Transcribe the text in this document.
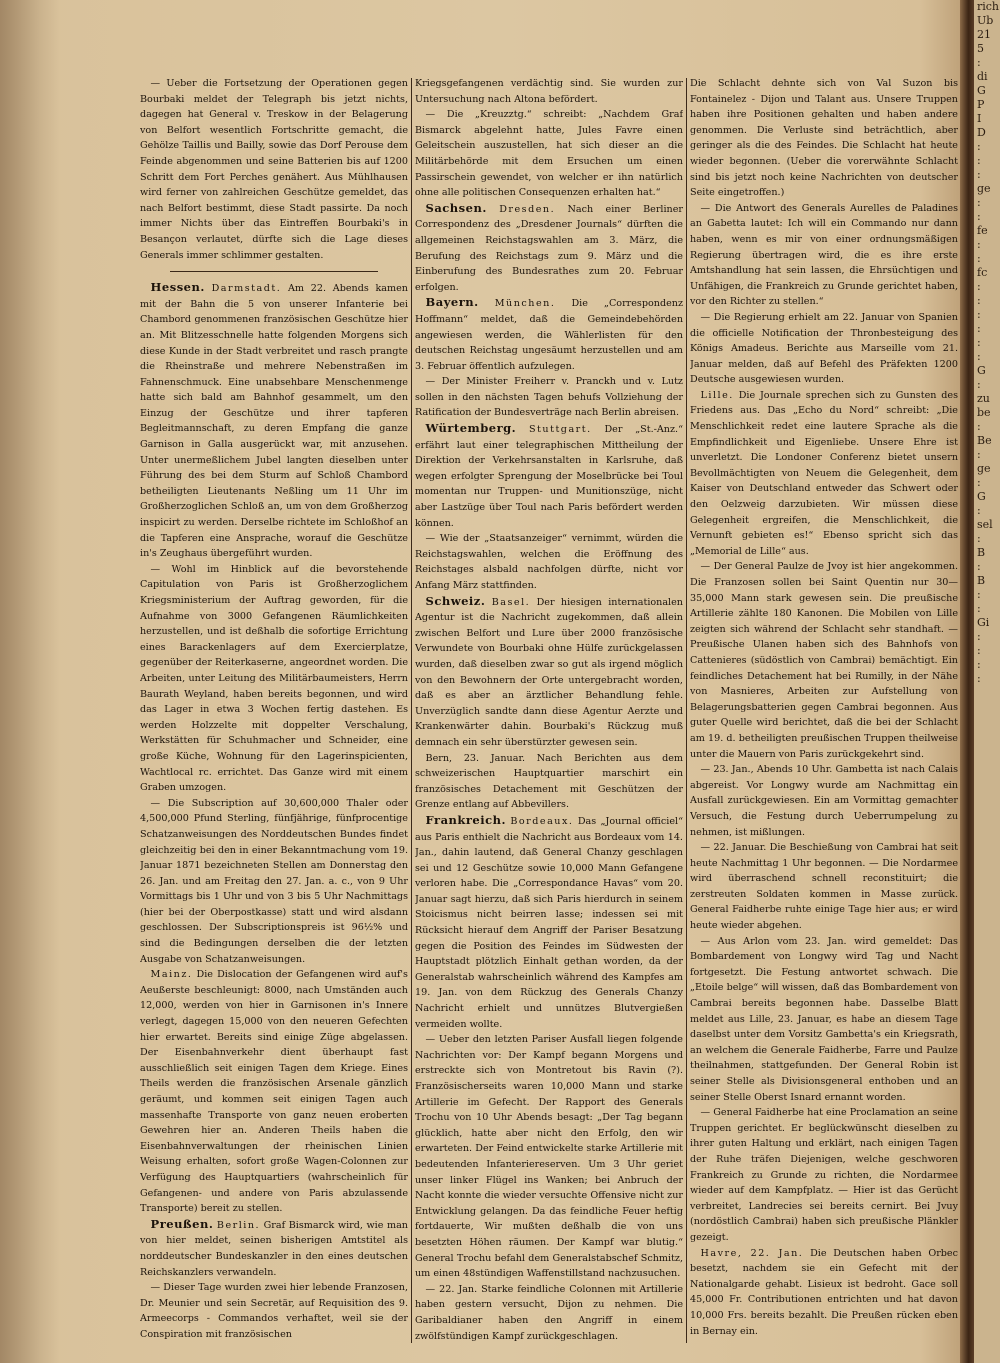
rich
Ub
21
5
:
di
G
P
I
D
:
:
:
ge
:
:
fe
:
:
fc
:
:
:
:
:
:
G
:
zu
be
:
Be
:
ge
:
G
:
sel
:
B
:
B
:
:
Gi
:
:
:
:

— Ueber die Fortsetzung der Operationen gegen Bourbaki meldet der Telegraph bis jetzt nichts, dagegen hat General v. Treskow in der Belagerung von Belfort wesentlich Fortschritte gemacht, die Gehölze Taillis und Bailly, sowie das Dorf Perouse dem Feinde abgenommen und seine Batterien bis auf 1200 Schritt dem Fort Perches genähert. Aus Mühlhausen wird ferner von zahlreichen Geschütze gemeldet, das nach Belfort bestimmt, diese Stadt passirte. Da noch immer Nichts über das Eintreffen Bourbaki's in Besançon verlautet, dürfte sich die Lage dieses Generals immer schlimmer gestalten.

Hessen. Darmstadt. Am 22. Abends kamen mit der Bahn die 5 von unserer Infanterie bei Chambord genommenen französischen Geschütze hier an. Mit Blitzesschnelle hatte folgenden Morgens sich diese Kunde in der Stadt verbreitet und rasch prangte die Rheinstraße und mehrere Nebenstraßen im Fahnenschmuck. Eine unabsehbare Menschenmenge hatte sich bald am Bahnhof gesammelt, um den Einzug der Geschütze und ihrer tapferen Begleitmannschaft, zu deren Empfang die ganze Garnison in Galla ausgerückt war, mit anzusehen. Unter unermeßlichem Jubel langten dieselben unter Führung des bei dem Sturm auf Schloß Chambord betheiligten Lieutenants Neßling um 11 Uhr im Großherzoglichen Schloß an, um von dem Großherzog inspicirt zu werden. Derselbe richtete im Schloßhof an die Tapferen eine Ansprache, worauf die Geschütze in's Zeughaus übergeführt wurden.

— Wohl im Hinblick auf die bevorstehende Capitulation von Paris ist Großherzoglichem Kriegsministerium der Auftrag geworden, für die Aufnahme von 3000 Gefangenen Räumlichkeiten herzustellen, und ist deßhalb die sofortige Errichtung eines Barackenlagers auf dem Exercierplatze, gegenüber der Reiterkaserne, angeordnet worden. Die Arbeiten, unter Leitung des Militärbaumeisters, Herrn Baurath Weyland, haben bereits begonnen, und wird das Lager in etwa 3 Wochen fertig dastehen. Es werden Holzzelte mit doppelter Verschalung, Werkstätten für Schuhmacher und Schneider, eine große Küche, Wohnung für den Lagerinspicienten, Wachtlocal rc. errichtet. Das Ganze wird mit einem Graben umzogen.

— Die Subscription auf 30,600,000 Thaler oder 4,500,000 Pfund Sterling, fünfjährige, fünfprocentige Schatzanweisungen des Norddeutschen Bundes findet gleichzeitig bei den in einer Bekanntmachung vom 19. Januar 1871 bezeichneten Stellen am Donnerstag den 26. Jan. und am Freitag den 27. Jan. a. c., von 9 Uhr Vormittags bis 1 Uhr und von 3 bis 5 Uhr Nachmittags (hier bei der Oberpostkasse) statt und wird alsdann geschlossen. Der Subscriptionspreis ist 96½% und sind die Bedingungen derselben die der letzten Ausgabe von Schatzanweisungen.

Mainz. Die Dislocation der Gefangenen wird auf's Aeußerste beschleunigt: 8000, nach Umständen auch 12,000, werden von hier in Garnisonen in's Innere verlegt, dagegen 15,000 von den neueren Gefechten hier erwartet. Bereits sind einige Züge abgelassen. Der Eisenbahnverkehr dient überhaupt fast ausschließlich seit einigen Tagen dem Kriege. Eines Theils werden die französischen Arsenale gänzlich geräumt, und kommen seit einigen Tagen auch massenhafte Transporte von ganz neuen eroberten Gewehren hier an. Anderen Theils haben die Eisenbahnverwaltungen der rheinischen Linien Weisung erhalten, sofort große Wagen-Colonnen zur Verfügung des Hauptquartiers (wahrscheinlich für Gefangenen- und andere von Paris abzulassende Transporte) bereit zu stellen.

Preußen. Berlin. Graf Bismarck wird, wie man von hier meldet, seinen bisherigen Amtstitel als norddeutscher Bundeskanzler in den eines deutschen Reichskanzlers verwandeln.

— Dieser Tage wurden zwei hier lebende Franzosen, Dr. Meunier und sein Secretär, auf Requisition des 9. Armeecorps - Commandos verhaftet, weil sie der Conspiration mit französischen

Kriegsgefangenen verdächtig sind. Sie wurden zur Untersuchung nach Altona befördert.

— Die „Kreuzztg.“ schreibt: „Nachdem Graf Bismarck abgelehnt hatte, Jules Favre einen Geleitschein auszustellen, hat sich dieser an die Militärbehörde mit dem Ersuchen um einen Passirschein gewendet, von welcher er ihn natürlich ohne alle politischen Consequenzen erhalten hat.“

Sachsen. Dresden. Nach einer Berliner Correspondenz des „Dresdener Journals“ dürften die allgemeinen Reichstagswahlen am 3. März, die Berufung des Reichstags zum 9. März und die Einberufung des Bundesrathes zum 20. Februar erfolgen.

Bayern. München. Die „Correspondenz Hoffmann“ meldet, daß die Gemeindebehörden angewiesen werden, die Wählerlisten für den deutschen Reichstag ungesäumt herzustellen und am 3. Februar öffentlich aufzulegen.

— Der Minister Freiherr v. Pranckh und v. Lutz sollen in den nächsten Tagen behufs Vollziehung der Ratification der Bundesverträge nach Berlin abreisen.

Würtemberg. Stuttgart. Der „St.-Anz.“ erfährt laut einer telegraphischen Mittheilung der Direktion der Verkehrsanstalten in Karlsruhe, daß wegen erfolgter Sprengung der Moselbrücke bei Toul momentan nur Truppen- und Munitionszüge, nicht aber Lastzüge über Toul nach Paris befördert werden können.

— Wie der „Staatsanzeiger“ vernimmt, würden die Reichstagswahlen, welchen die Eröffnung des Reichstages alsbald nachfolgen dürfte, nicht vor Anfang März stattfinden.

Schweiz. Basel. Der hiesigen internationalen Agentur ist die Nachricht zugekommen, daß allein zwischen Belfort und Lure über 2000 französische Verwundete von Bourbaki ohne Hülfe zurückgelassen wurden, daß dieselben zwar so gut als irgend möglich von den Bewohnern der Orte untergebracht worden, daß es aber an ärztlicher Behandlung fehle. Unverzüglich sandte dann diese Agentur Aerzte und Krankenwärter dahin. Bourbaki's Rückzug muß demnach ein sehr überstürzter gewesen sein.

Bern, 23. Januar. Nach Berichten aus dem schweizerischen Hauptquartier marschirt ein französisches Detachement mit Geschützen der Grenze entlang auf Abbevillers.

Frankreich. Bordeaux. Das „Journal officiel“ aus Paris enthielt die Nachricht aus Bordeaux vom 14. Jan., dahin lautend, daß General Chanzy geschlagen sei und 12 Geschütze sowie 10,000 Mann Gefangene verloren habe. Die „Correspondance Havas“ vom 20. Januar sagt hierzu, daß sich Paris hierdurch in seinem Stoicismus nicht beirren lasse; indessen sei mit Rücksicht hierauf dem Angriff der Pariser Besatzung gegen die Position des Feindes im Südwesten der Hauptstadt plötzlich Einhalt gethan worden, da der Generalstab wahrscheinlich während des Kampfes am 19. Jan. von dem Rückzug des Generals Chanzy Nachricht erhielt und unnützes Blutvergießen vermeiden wollte.

— Ueber den letzten Pariser Ausfall liegen folgende Nachrichten vor: Der Kampf begann Morgens und erstreckte sich von Montretout bis Ravin (?). Französischerseits waren 10,000 Mann und starke Artillerie im Gefecht. Der Rapport des Generals Trochu von 10 Uhr Abends besagt: „Der Tag begann glücklich, hatte aber nicht den Erfolg, den wir erwarteten. Der Feind entwickelte starke Artillerie mit bedeutenden Infanteriereserven. Um 3 Uhr geriet unser linker Flügel ins Wanken; bei Anbruch der Nacht konnte die wieder versuchte Offensive nicht zur Entwicklung gelangen. Da das feindliche Feuer heftig fortdauerte, Wir mußten deßhalb die von uns besetzten Höhen räumen. Der Kampf war blutig.“ General Trochu befahl dem Generalstabschef Schmitz, um einen 48stündigen Waffenstillstand nachzusuchen.

— 22. Jan. Starke feindliche Colonnen mit Artillerie haben gestern versucht, Dijon zu nehmen. Die Garibaldianer haben den Angriff in einem zwölfstündigen Kampf zurückgeschlagen.

Die Schlacht dehnte sich von Val Suzon bis Fontainelez - Dijon und Talant aus. Unsere Truppen haben ihre Positionen gehalten und haben andere genommen. Die Verluste sind beträchtlich, aber geringer als die des Feindes. Die Schlacht hat heute wieder begonnen. (Ueber die vorerwähnte Schlacht sind bis jetzt noch keine Nachrichten von deutscher Seite eingetroffen.)

— Die Antwort des Generals Aurelles de Paladines an Gabetta lautet: Ich will ein Commando nur dann haben, wenn es mir von einer ordnungsmäßigen Regierung übertragen wird, die es ihre erste Amtshandlung hat sein lassen, die Ehrsüchtigen und Unfähigen, die Frankreich zu Grunde gerichtet haben, vor den Richter zu stellen.“

— Die Regierung erhielt am 22. Januar von Spanien die officielle Notification der Thronbesteigung des Königs Amadeus. Berichte aus Marseille vom 21. Januar melden, daß auf Befehl des Präfekten 1200 Deutsche ausgewiesen wurden.

Lille. Die Journale sprechen sich zu Gunsten des Friedens aus. Das „Echo du Nord“ schreibt: „Die Menschlichkeit redet eine lautere Sprache als die Empfindlichkeit und Eigenliebe. Unsere Ehre ist unverletzt. Die Londoner Conferenz bietet unsern Bevollmächtigten von Neuem die Gelegenheit, dem Kaiser von Deutschland entweder das Schwert oder den Oelzweig darzubieten. Wir müssen diese Gelegenheit ergreifen, die Menschlichkeit, die Vernunft gebieten es!“ Ebenso spricht sich das „Memorial de Lille“ aus.

— Der General Paulze de Jvoy ist hier angekommen. Die Franzosen sollen bei Saint Quentin nur 30—35,000 Mann stark gewesen sein. Die preußische Artillerie zählte 180 Kanonen. Die Mobilen von Lille zeigten sich während der Schlacht sehr standhaft. — Preußische Ulanen haben sich des Bahnhofs von Cattenieres (südöstlich von Cambrai) bemächtigt. Ein feindliches Detachement hat bei Rumilly, in der Nähe von Masnieres, Arbeiten zur Aufstellung von Belagerungsbatterien gegen Cambrai begonnen. Aus guter Quelle wird berichtet, daß die bei der Schlacht am 19. d. betheiligten preußischen Truppen theilweise unter die Mauern von Paris zurückgekehrt sind.

— 23. Jan., Abends 10 Uhr. Gambetta ist nach Calais abgereist. Vor Longwy wurde am Nachmittag ein Ausfall zurückgewiesen. Ein am Vormittag gemachter Versuch, die Festung durch Ueberrumpelung zu nehmen, ist mißlungen.

— 22. Januar. Die Beschießung von Cambrai hat seit heute Nachmittag 1 Uhr begonnen. — Die Nordarmee wird überraschend schnell reconstituirt; die zerstreuten Soldaten kommen in Masse zurück. General Faidherbe ruhte einige Tage hier aus; er wird heute wieder abgehen.

— Aus Arlon vom 23. Jan. wird gemeldet: Das Bombardement von Longwy wird Tag und Nacht fortgesetzt. Die Festung antwortet schwach. Die „Etoile belge“ will wissen, daß das Bombardement von Cambrai bereits begonnen habe. Dasselbe Blatt meldet aus Lille, 23. Januar, es habe an diesem Tage daselbst unter dem Vorsitz Gambetta's ein Kriegsrath, an welchem die Generale Faidherbe, Farre und Paulze theilnahmen, stattgefunden. Der General Robin ist seiner Stelle als Divisionsgeneral enthoben und an seiner Stelle Oberst Isnard ernannt worden.

— General Faidherbe hat eine Proclamation an seine Truppen gerichtet. Er beglückwünscht dieselben zu ihrer guten Haltung und erklärt, nach einigen Tagen der Ruhe träfen Diejenigen, welche geschworen Frankreich zu Grunde zu richten, die Nordarmee wieder auf dem Kampfplatz. — Hier ist das Gerücht verbreitet, Landrecies sei bereits cernirt. Bei Jvuy (nordöstlich Cambrai) haben sich preußische Plänkler gezeigt.

Havre, 22. Jan. Die Deutschen haben Orbec besetzt, nachdem sie ein Gefecht mit der Nationalgarde gehabt. Lisieux ist bedroht. Gace soll 45,000 Fr. Contributionen entrichten und hat davon 10,000 Frs. bereits bezahlt. Die Preußen rücken eben in Bernay ein.
